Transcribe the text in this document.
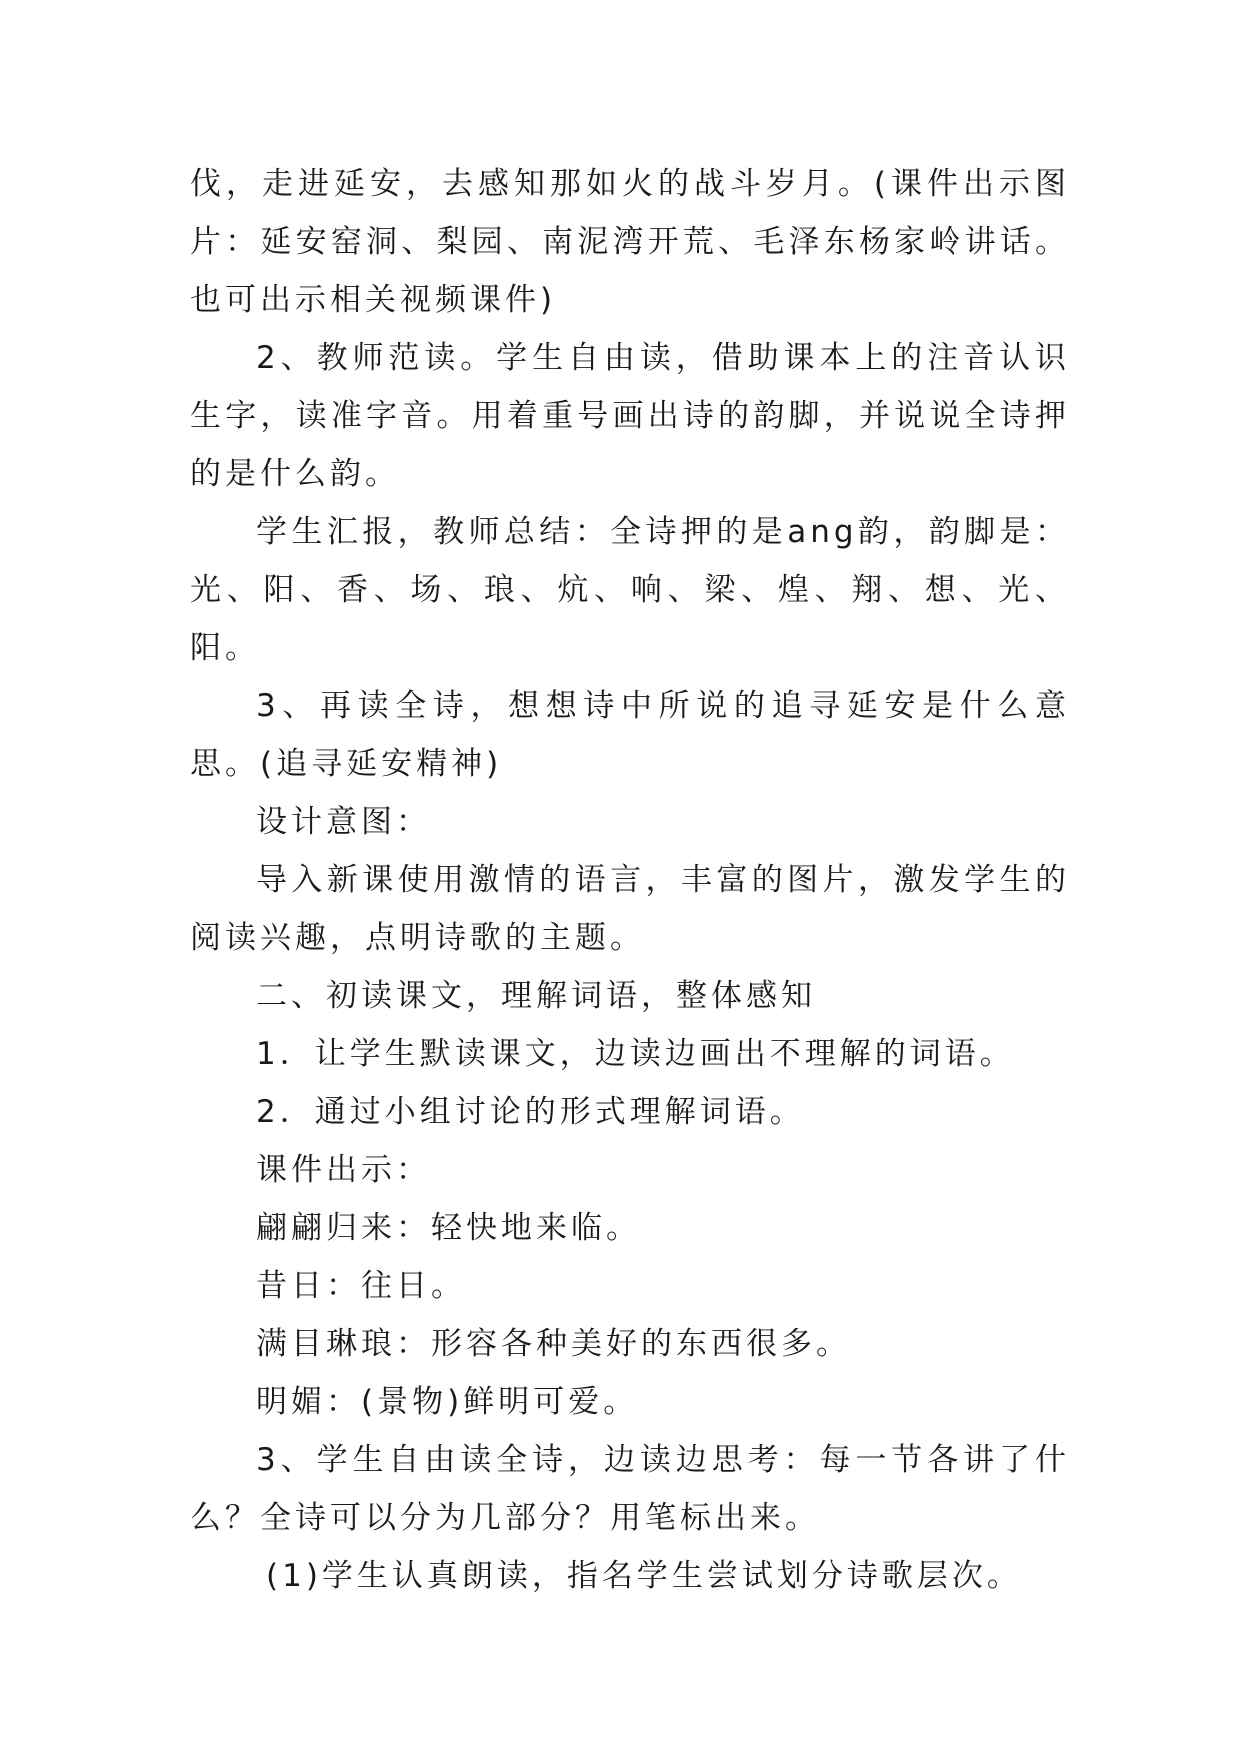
伐，走进延安，去感知那如火的战斗岁月。(课件出示图片：延安窑洞、梨园、南泥湾开荒、毛泽东杨家岭讲话。也可出示相关视频课件)

2、教师范读。学生自由读，借助课本上的注音认识生字，读准字音。用着重号画出诗的韵脚，并说说全诗押的是什么韵。

学生汇报，教师总结：全诗押的是ang韵，韵脚是：光、阳、香、场、琅、炕、响、梁、煌、翔、想、光、阳。

3、再读全诗，想想诗中所说的追寻延安是什么意思。(追寻延安精神)

设计意图：

导入新课使用激情的语言，丰富的图片，激发学生的阅读兴趣，点明诗歌的主题。

二、初读课文，理解词语，整体感知

1．让学生默读课文，边读边画出不理解的词语。

2．通过小组讨论的形式理解词语。

课件出示：

翩翩归来：轻快地来临。

昔日：往日。

满目琳琅：形容各种美好的东西很多。

明媚：(景物)鲜明可爱。

3、学生自由读全诗，边读边思考：每一节各讲了什么？全诗可以分为几部分？用笔标出来。

(1)学生认真朗读，指名学生尝试划分诗歌层次。
